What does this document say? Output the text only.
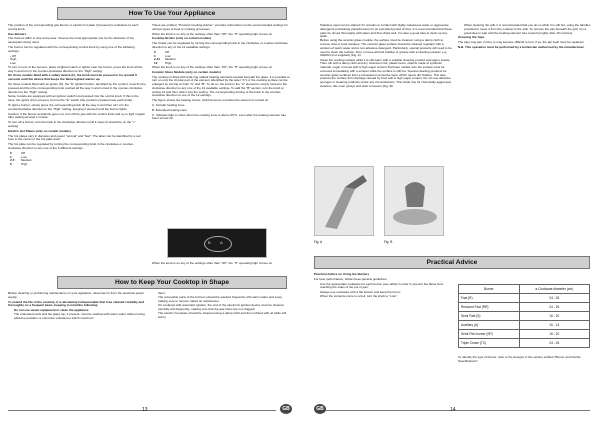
How To Use Your Appliance

The position of the corresponding gas burner or electric hot plate (if present) is indicated on each control knob.

Gas Burners

The burners differ in size and power. Choose the most appropriate one for the diameter of the saucepans being used.

The burner can be regulated with the corresponding control knob by using one of the following settings:

• Off
High
Low

To turn on one of the burners, place a lighted match or lighter near the burner, press the knob all the way in and turn in the counter-clockwise direction to the "High" setting.

On those models fitted with a safety device (F), the knob must be pressed in for around 6 seconds until the device that keeps the flame lighted warms up.

On those models fitted with an ignitor (D), the "E" ignition button, identified by the symbol, must first be pressed and then the corresponding knob pushed all the way in and turned in the counter-clockwise direction to the "High" setting.

Some models are equipped with an ignition switch incorporated into the control knob. If this is the case, the ignitor (D) is present, but not the "E" switch (the symbol is located near each knob).

To light a burner, simply press the corresponding knob all the way in and then turn it in the counterclockwise direction to the "High" setting, keeping it pressed until the burner lights.

Caution: If the burner accidently goes out, turn off the gas with the control knob and try to light it again after waiting at least 1 minute.

To turn off a burner, turn the knob in the clockwise direction until it stops (it should be on the "•" setting).

Electric Hot Plates (only on certain models)

The hot plates vary in diameter and power "normal" and "fast". The latter can be identified by a red bore in the center of the hot plate itself.

The hot plate can be regulated by turning the corresponding knob in the clockwise or counter-clockwise direction to any one of the 6 different settings:

0	Off
1	Low
2-5 Medium
6	High

These are entitled, "Protocol Cooking Advice", provides information on the recommended settings for various types of food or cooking processes.

When the knob is on any of the settings other than "Off", the "H" operating light comes on.

Cooktop Broiler (only on certain models)

The broiler can be regulated by turning the corresponding knob in the clockwise or counter-clockwise direction to any of the 12 available settings:

0	Off
1	Low
2-11 Medium
12 High

When the knob is on any of the settings other than "Off", the "H" operating light comes on.

Ceramic Glass Module (only on certain models)

The cooktop is fitted with dual-ring radiant heating elements located beneath the glass. It is possible to turn on only the circular part of the element (identified by the letter "A") or the cooking surface can be enlarged by turning on both "A" and "B". To do so, the knob in the "A" element is simply turned in the clockwise direction to any one of the 12 available settings. To add the "B" section, turn the knob to setting 12 and then click it into the setting. The corresponding turning of the knob in the counter-clockwise direction to one of the 12 settings.

The figure shows the heating zones, which become red when the element is turned on:

A. Circular heating zone

B. Extended heating zone

C. Indicator light to show when the cooking zone is above 60°C, even after the heating element has been turned off.

B A

When the knob is on any of the settings other than "Off", the "H" operating light comes on.

How to Keep Your Cooktop in Shape

Before cleaning or performing maintenance on your appliance, disconnect it from the electrical power supply.

To extend the life of the cooktop, it is absolutely indispensable that it be cleaned carefully and thoroughly on a frequent basis, keeping in mind the following:

• Do not use steam equipment to clean the appliance.
• The enameled parts and the glass top, if present, must be washed with warm water without using abrasive powders or corrosive substances which could ruin
• them;
• The removable parts of the burners should be washed frequently with warm water and soap, making sure to remove caked on substances;
• On cooktops with automatic ignition, the end of the electronic ignition device must be cleaned carefully and frequently, making sure that the gas holes are not clogged;
• The electric hot plates should be cleaned using a damp cloth and then rubbed with oil while still warm;
13	GB
• Stainless steel can be stained if it remains in contact with highly calcareous water or aggressive detergents (containing phosphorous) for an extended period of time. It is recommended that these parts be rinsed thoroughly with water and then dried well. It is also a good idea to clean up any spills.
• Before using the ceramic glass module, the surface must be cleaned, using a damp cloth to remove dust or food residues. The ceramic glass surface should be cleaned regularly with a solution of warm water and a non-abrasive detergent. Particularly, special products will need to be used to clean the surface. First, remove all food buildup or grease with a cleaning scraper, e.g. CERAN (not supplied) (Fig. A).
• Clean the cooking surface while it is still warm with a suitable cleaning product and paper towels. Then rub with a damp cloth and dry. Aluminum foil, plastic items, objects made of synthetic material, sugar or foods with a high sugar content that have melted onto the surface must be removed immediately with a scraper while the surface is still hot. Special cleaning products for ceramic glass surfaces form a transparent protective layer which repels dirt buildup. This also protects the surface from damage caused by food with a high sugar content. Do not use abrasive sponges or cleaning products under any circumstances. This holds true for chemically aggressive cleaners, like oven sprays and stain removers (Fig. B).
• When cleaning the grill, it is recommended that you do so while it is still hot, using the handles provided to move it from the cooktop to the sink. To remove the pan beneath the grill, it is a good idea to wait until the heating element has cooled (roughly after 15 minutes).

Greasing the Taps

The taps may jam in time or may become difficult to turn; if so, the tap itself must be replaced.

N.B. This operation must be performed by a technician authorised by the manufacturer.

Fig. A	Fig. B
Practical Advice

Practical Advice on Using the Burners

For best performance, follow these general guidelines:

• Use the appropriate cookware for each burner (see table) in order to prevent the flame from reaching the sides of the pot or pan;
• Always use cookware with a flat bottom and keep the lid on;
• When the contents come to a boil, turn the knob to "Low".
Burner	ø Cookware diameter (cm)
Fast (R)	24 - 26
Reduced Fast (RR)	24 - 26
Semi Fast (S)	16 - 20
Auxiliary (A)	10 - 14
Semi-Fish burner (SP)	16 - 20
Triple Crown (TC)	24 - 26

To identify the type of burner, refer to the designs in the section entitled "Burner and Nozzle Specifications".

GB	14
